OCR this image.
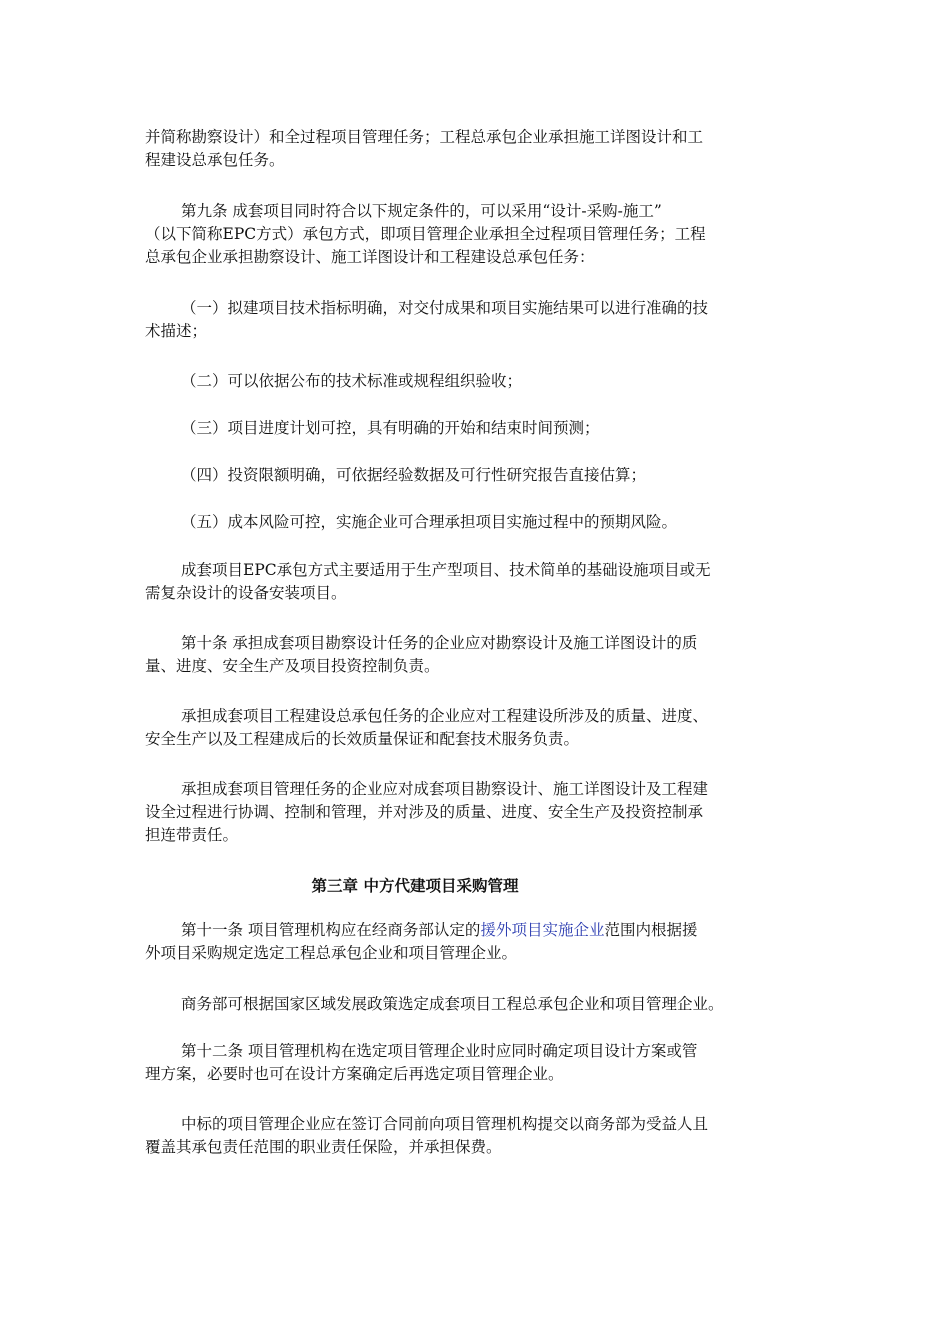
并简称勘察设计）和全过程项目管理任务；工程总承包企业承担施工详图设计和工
程建设总承包任务。

第九条 成套项目同时符合以下规定条件的，可以采用“设计-采购-施工”
（以下简称EPC方式）承包方式，即项目管理企业承担全过程项目管理任务；工程
总承包企业承担勘察设计、施工详图设计和工程建设总承包任务：

（一）拟建项目技术指标明确，对交付成果和项目实施结果可以进行准确的技
术描述；

（二）可以依据公布的技术标准或规程组织验收；

（三）项目进度计划可控，具有明确的开始和结束时间预测；

（四）投资限额明确，可依据经验数据及可行性研究报告直接估算；

（五）成本风险可控，实施企业可合理承担项目实施过程中的预期风险。

成套项目EPC承包方式主要适用于生产型项目、技术简单的基础设施项目或无
需复杂设计的设备安装项目。

第十条 承担成套项目勘察设计任务的企业应对勘察设计及施工详图设计的质
量、进度、安全生产及项目投资控制负责。

承担成套项目工程建设总承包任务的企业应对工程建设所涉及的质量、进度、
安全生产以及工程建成后的长效质量保证和配套技术服务负责。

承担成套项目管理任务的企业应对成套项目勘察设计、施工详图设计及工程建
设全过程进行协调、控制和管理，并对涉及的质量、进度、安全生产及投资控制承
担连带责任。

第三章 中方代建项目采购管理

第十一条 项目管理机构应在经商务部认定的援外项目实施企业范围内根据援
外项目采购规定选定工程总承包企业和项目管理企业。

商务部可根据国家区域发展政策选定成套项目工程总承包企业和项目管理企业。

第十二条 项目管理机构在选定项目管理企业时应同时确定项目设计方案或管
理方案，必要时也可在设计方案确定后再选定项目管理企业。

中标的项目管理企业应在签订合同前向项目管理机构提交以商务部为受益人且
覆盖其承包责任范围的职业责任保险，并承担保费。
